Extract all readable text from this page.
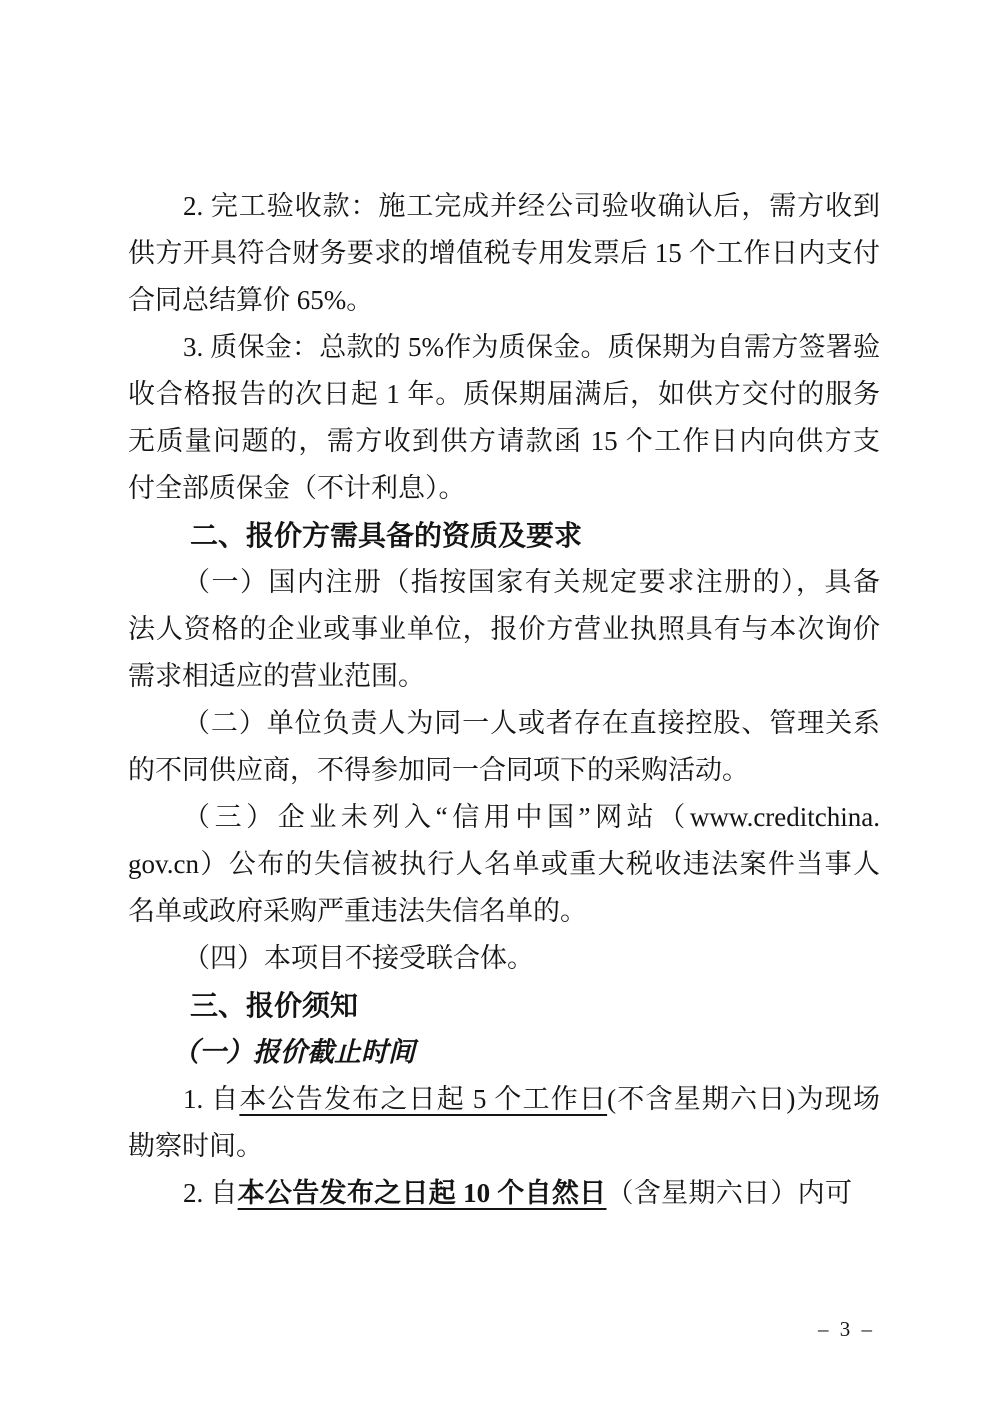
2. 完工验收款：施工完成并经公司验收确认后，需方收到
供方开具符合财务要求的增值税专用发票后 15 个工作日内支付
合同总结算价 65%。
3. 质保金：总款的 5%作为质保金。质保期为自需方签署验
收合格报告的次日起 1 年。质保期届满后，如供方交付的服务
无质量问题的，需方收到供方请款函 15 个工作日内向供方支
付全部质保金（不计利息）。
二、报价方需具备的资质及要求
（一）国内注册（指按国家有关规定要求注册的），具备
法人资格的企业或事业单位，报价方营业执照具有与本次询价
需求相适应的营业范围。
（二）单位负责人为同一人或者存在直接控股、管理关系
的不同供应商，不得参加同一合同项下的采购活动。
（三）企业未列入“信用中国”网站（www.creditchina.
gov.cn）公布的失信被执行人名单或重大税收违法案件当事人
名单或政府采购严重违法失信名单的。
（四）本项目不接受联合体。
三、报价须知
（一）报价截止时间
1. 自本公告发布之日起 5 个工作日(不含星期六日)为现场
勘察时间。
2. 自本公告发布之日起 10 个自然日（含星期六日）内可
– 3 –
